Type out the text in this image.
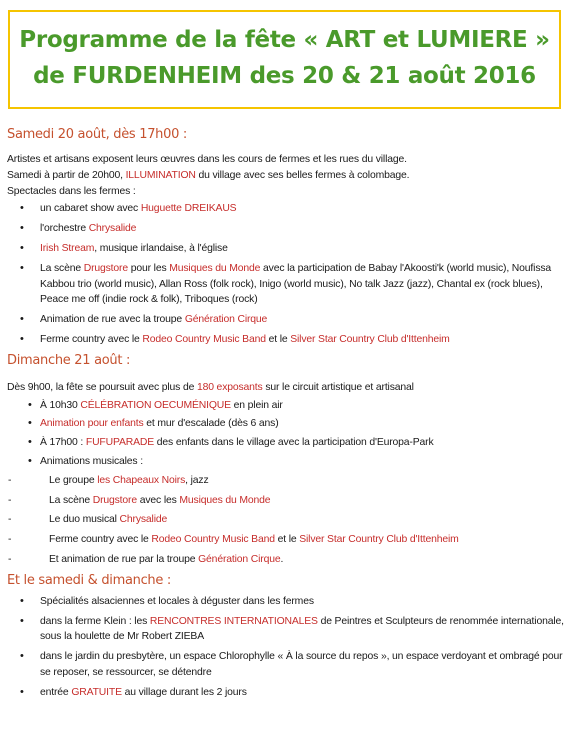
Programme de la fête « ART et LUMIERE »
de FURDENHEIM des 20 & 21 août 2016
Samedi 20 août, dès 17h00 :

Artistes et artisans exposent leurs œuvres dans les cours de fermes et les rues du village.

Samedi à partir de 20h00, ILLUMINATION du village avec ses belles fermes à colombage.

Spectacles dans les fermes :

• un cabaret show avec Huguette DREIKAUS
• l'orchestre Chrysalide
• Irish Stream, musique irlandaise, à l'église
• La scène Drugstore pour les Musiques du Monde avec la participation de Babay l'Akoosti'k (world music), Noufissa Kabbou trio (world music), Allan Ross (folk rock), Inigo (world music), No talk Jazz (jazz), Chantal ex (rock blues), Peace me off (indie rock & folk), Triboques (rock)
• Animation de rue avec la troupe Génération Cirque
• Ferme country avec le Rodeo Country Music Band et le Silver Star Country Club d'Ittenheim
Dimanche 21 août :

Dès 9h00, la fête se poursuit avec plus de 180 exposants sur le circuit artistique et artisanal

• À 10h30 CÉLÉBRATION OECUMÉNIQUE en plein air
• Animation pour enfants et mur d'escalade (dès 6 ans)
• À 17h00 : FUFUPARADE des enfants dans le village avec la participation d'Europa-Park
• Animations musicales :
- Le groupe les Chapeaux Noirs, jazz
- La scène Drugstore avec les Musiques du Monde
- Le duo musical Chrysalide
- Ferme country avec le Rodeo Country Music Band et le Silver Star Country Club d'Ittenheim
- Et animation de rue par la troupe Génération Cirque.
Et le samedi & dimanche :
• Spécialités alsaciennes et locales à déguster dans les fermes
• dans la ferme Klein : les RENCONTRES INTERNATIONALES de Peintres et Sculpteurs de renommée internationale, sous la houlette de Mr Robert ZIEBA
• dans le jardin du presbytère, un espace Chlorophylle « À la source du repos », un espace verdoyant et ombragé pour se reposer, se ressourcer, se détendre
• entrée GRATUITE au village durant les 2 jours
